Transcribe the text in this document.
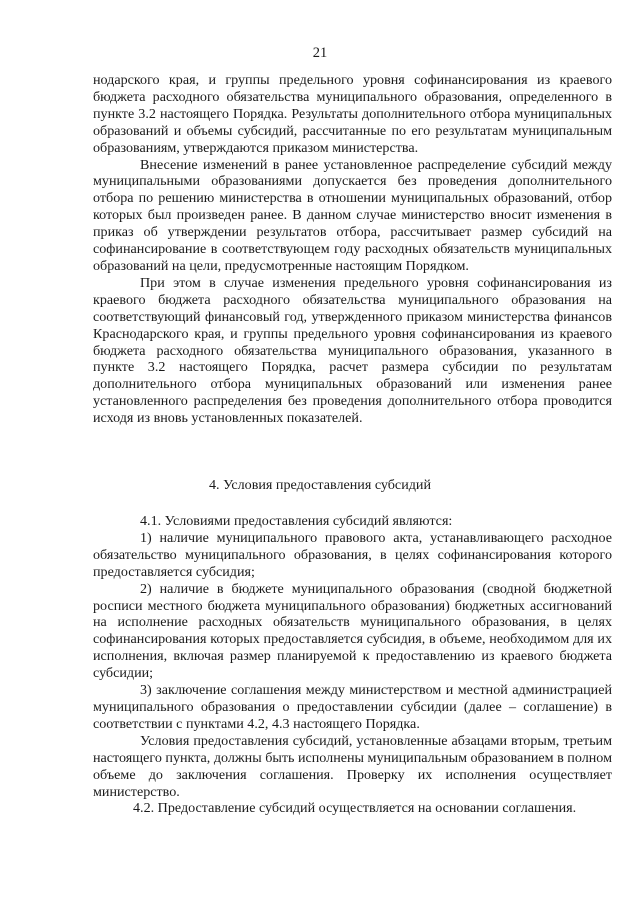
21

нодарского края, и группы предельного уровня софинансирования из краевого бюджета расходного обязательства муниципального образования, определенного в пункте 3.2 настоящего Порядка. Результаты дополнительного отбора муниципальных образований и объемы субсидий, рассчитанные по его результатам муниципальным образованиям, утверждаются приказом министерства.

Внесение изменений в ранее установленное распределение субсидий между муниципальными образованиями допускается без проведения дополнительного отбора по решению министерства в отношении муниципальных образований, отбор которых был произведен ранее. В данном случае министерство вносит изменения в приказ об утверждении результатов отбора, рассчитывает размер субсидий на софинансирование в соответствующем году расходных обязательств муниципальных образований на цели, предусмотренные настоящим Порядком.

При этом в случае изменения предельного уровня софинансирования из краевого бюджета расходного обязательства муниципального образования на соответствующий финансовый год, утвержденного приказом министерства финансов Краснодарского края, и группы предельного уровня софинансирования из краевого бюджета расходного обязательства муниципального образования, указанного в пункте 3.2 настоящего Порядка, расчет размера субсидии по результатам дополнительного отбора муниципальных образований или изменения ранее установленного распределения без проведения дополнительного отбора проводится исходя из вновь установленных показателей.

4. Условия предоставления субсидий

4.1. Условиями предоставления субсидий являются:

1) наличие муниципального правового акта, устанавливающего расходное обязательство муниципального образования, в целях софинансирования которого предоставляется субсидия;

2) наличие в бюджете муниципального образования (сводной бюджетной росписи местного бюджета муниципального образования) бюджетных ассигнований на исполнение расходных обязательств муниципального образования, в целях софинансирования которых предоставляется субсидия, в объеме, необходимом для их исполнения, включая размер планируемой к предоставлению из краевого бюджета субсидии;

3) заключение соглашения между министерством и местной администрацией муниципального образования о предоставлении субсидии (далее – соглашение) в соответствии с пунктами 4.2, 4.3 настоящего Порядка.

Условия предоставления субсидий, установленные абзацами вторым, третьим настоящего пункта, должны быть исполнены муниципальным образованием в полном объеме до заключения соглашения. Проверку их исполнения осуществляет министерство.

4.2. Предоставление субсидий осуществляется на основании соглашения.
